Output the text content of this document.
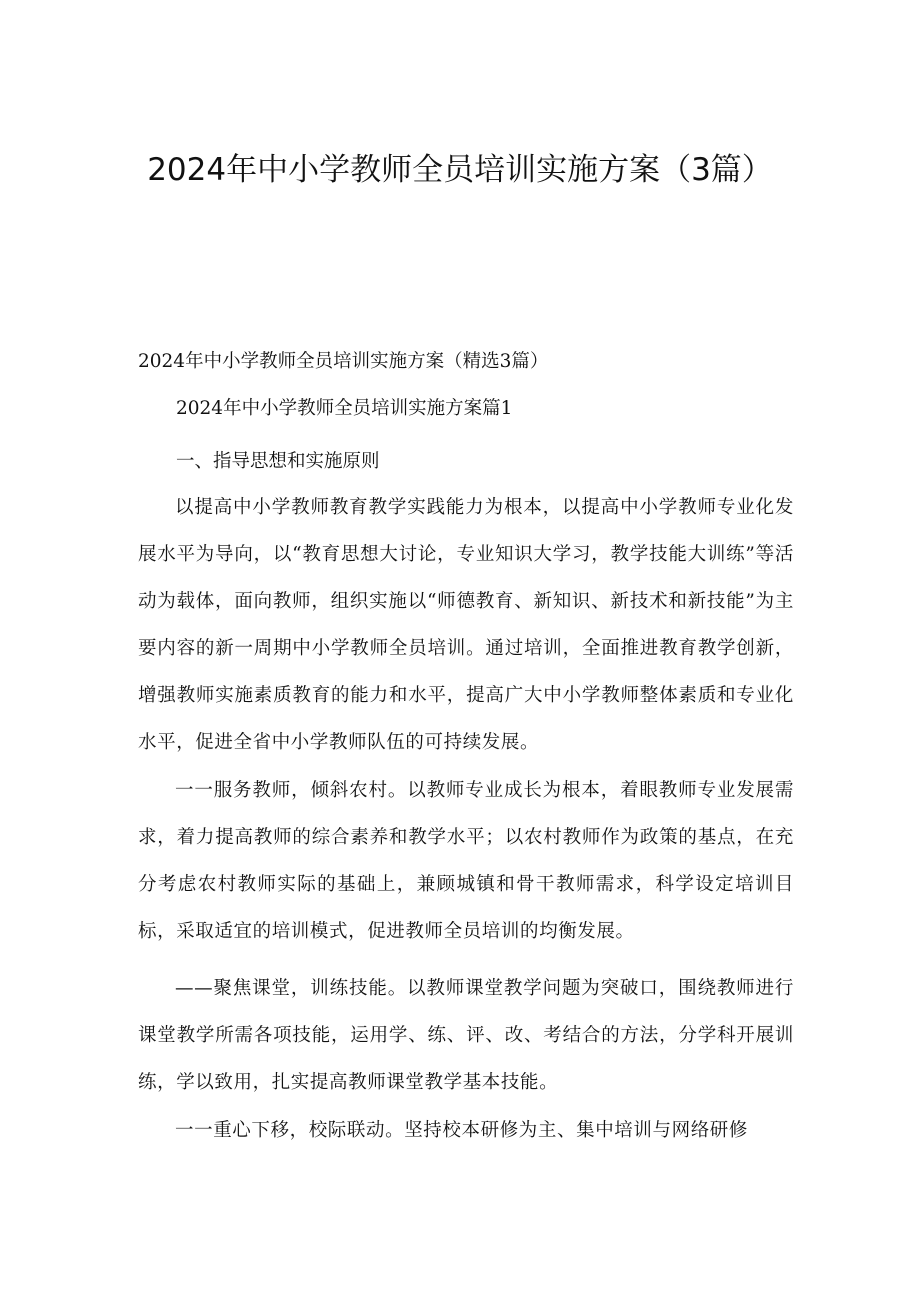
2024年中小学教师全员培训实施方案（3篇）
2024年中小学教师全员培训实施方案（精选3篇）
2024年中小学教师全员培训实施方案篇1
一、指导思想和实施原则
以提高中小学教师教育教学实践能力为根本，以提高中小学教师专业化发展水平为导向，以“教育思想大讨论，专业知识大学习，教学技能大训练”等活动为载体，面向教师，组织实施以“师德教育、新知识、新技术和新技能”为主要内容的新一周期中小学教师全员培训。通过培训，全面推进教育教学创新，增强教师实施素质教育的能力和水平，提高广大中小学教师整体素质和专业化水平，促进全省中小学教师队伍的可持续发展。
一一服务教师，倾斜农村。以教师专业成长为根本，着眼教师专业发展需求，着力提高教师的综合素养和教学水平；以农村教师作为政策的基点，在充分考虑农村教师实际的基础上，兼顾城镇和骨干教师需求，科学设定培训目标，采取适宜的培训模式，促进教师全员培训的均衡发展。
——聚焦课堂，训练技能。以教师课堂教学问题为突破口，围绕教师进行课堂教学所需各项技能，运用学、练、评、改、考结合的方法，分学科开展训练，学以致用，扎实提高教师课堂教学基本技能。
一一重心下移，校际联动。坚持校本研修为主、集中培训与网络研修
